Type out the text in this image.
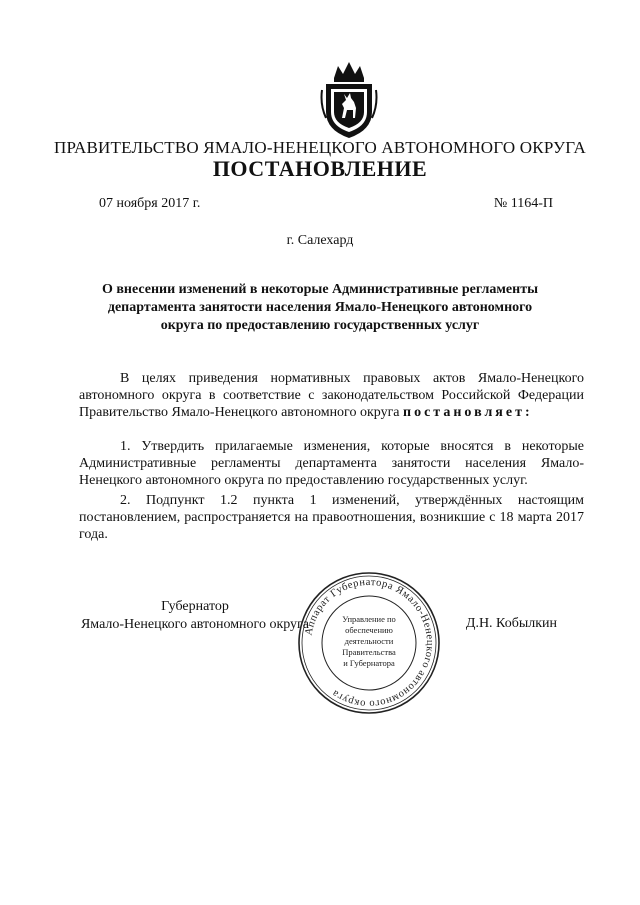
ПРАВИТЕЛЬСТВО ЯМАЛО-НЕНЕЦКОГО АВТОНОМНОГО ОКРУГА
ПОСТАНОВЛЕНИЕ
07 ноября 2017 г.	№ 1164-П
г. Салехард
О внесении изменений в некоторые Административные регламенты департамента занятости населения Ямало-Ненецкого автономного округа по предоставлению государственных услуг
В целях приведения нормативных правовых актов Ямало-Ненецкого автономного округа в соответствие с законодательством Российской Федерации Правительство Ямало-Ненецкого автономного округа постановляет:
1. Утвердить прилагаемые изменения, которые вносятся в некоторые Административные регламенты департамента занятости населения Ямало-Ненецкого автономного округа по предоставлению государственных услуг.
2. Подпункт 1.2 пункта 1 изменений, утверждённых настоящим постановлением, распространяется на правоотношения, возникшие с 18 марта 2017 года.
Губернатор
Ямало-Ненецкого автономного округа	Д.Н. Кобылкин
Аппарат Губернатора Ямало-Ненецкого автономного округа
Управление по
обеспечению
деятельности
Правительства
и Губернатора
